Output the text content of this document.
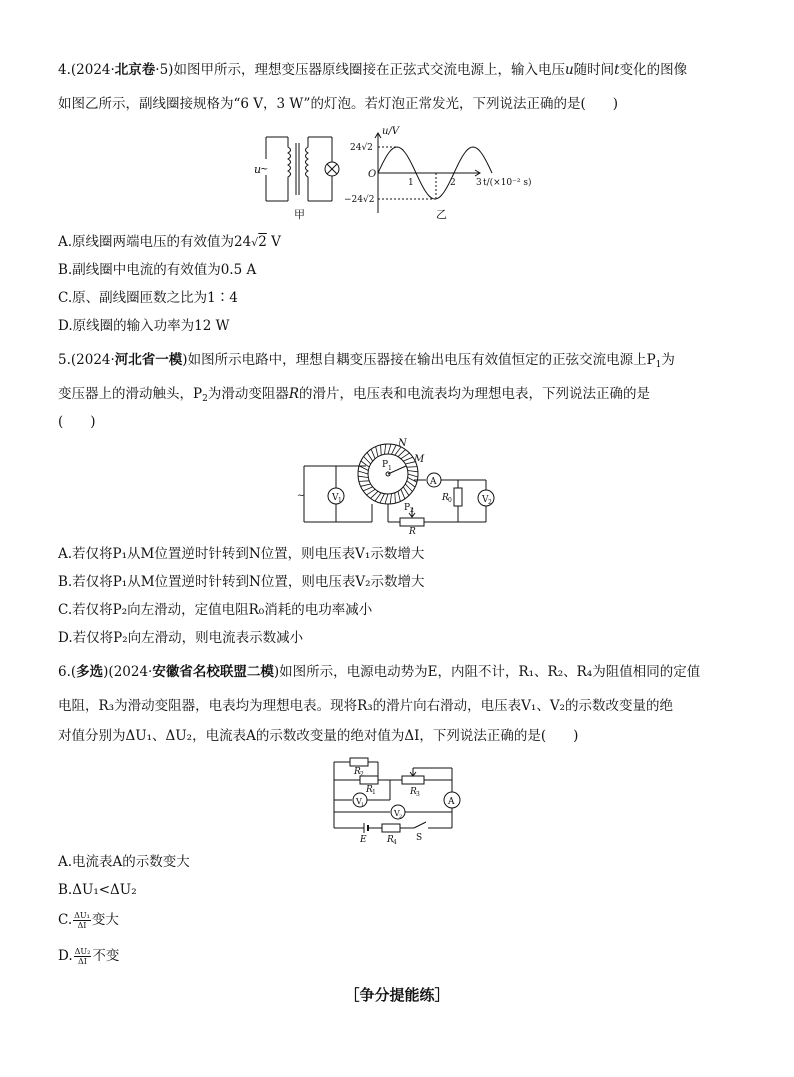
4.(2024·北京卷·5)如图甲所示，理想变压器原线圈接在正弦式交流电源上，输入电压u随时间t变化的图像
如图乙所示，副线圈接规格为“6 V，3 W”的灯泡。若灯泡正常发光，下列说法正确的是(　　)
u
~
甲
u/V
24√2
−24√2
O
1	2 3 t/(×10⁻² s)
乙
A.原线圈两端电压的有效值为24√2 V
B.副线圈中电流的有效值为0.5 A
C.原、副线圈匝数之比为1∶4
D.原线圈的输入功率为12 W
5.(2024·河北省一模)如图所示电路中，理想自耦变压器接在输出电压有效值恒定的正弦交流电源上$P_1$为
变压器上的滑动触头，$P_2$为滑动变阻器R的滑片，电压表和电流表均为理想电表，下列说法正确的是
(　　)
N
M
P 1
A
V 1	V 2
R 0
P 2
R
~
A.若仅将P₁从M位置逆时针转到N位置，则电压表V₁示数增大
B.若仅将P₁从M位置逆时针转到N位置，则电压表V₂示数增大
C.若仅将P₂向左滑动，定值电阻R₀消耗的电功率减小
D.若仅将P₂向左滑动，则电流表示数减小
6.(多选)(2024·安徽省名校联盟二模)如图所示，电源电动势为E，内阻不计，R₁、R₂、R₄为阻值相同的定值
电阻，R₃为滑动变阻器，电表均为理想电表。现将R₃的滑片向右滑动，电压表V₁、V₂的示数改变量的绝
对值分别为ΔU₁、ΔU₂，电流表A的示数改变量的绝对值为ΔI，下列说法正确的是(　　)
R 2
R 1	R 3
V 1
V 2
A
E R 4 S
A.电流表A的示数变大
B.ΔU₁<ΔU₂
C. $\frac{\text{ΔU₁}}{\Delta I}$ 变大
D. $\frac{\text{ΔU₂}}{\Delta I}$ 不变
［争分提能练］
